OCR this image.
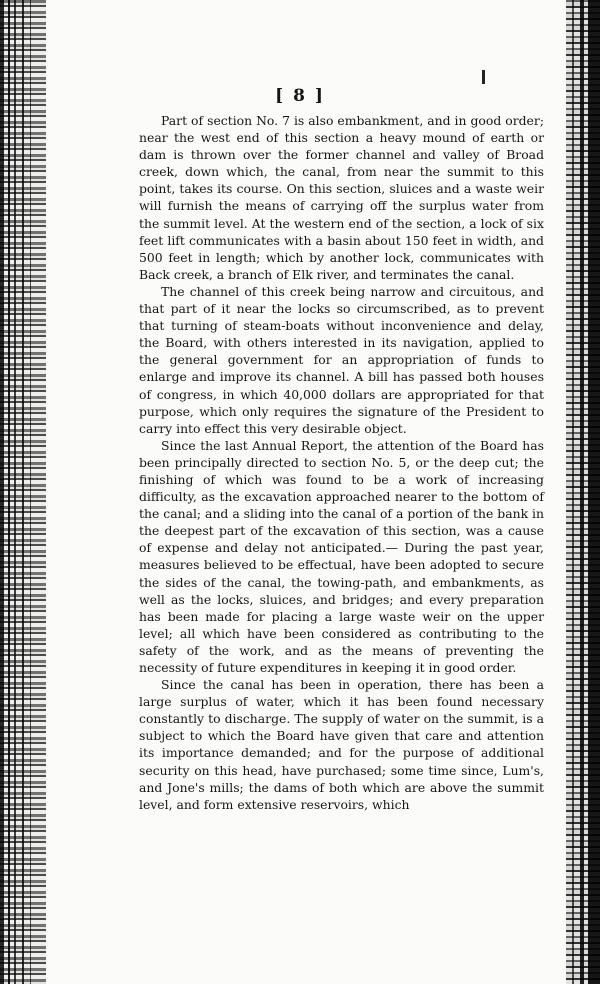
[ 8 ]

Part of section No. 7 is also embankment, and in good order; near the west end of this section a heavy mound of earth or dam is thrown over the former channel and valley of Broad creek, down which, the canal, from near the summit to this point, takes its course. On this section, sluices and a waste weir will furnish the means of carrying off the surplus water from the summit level. At the western end of the section, a lock of six feet lift communicates with a basin about 150 feet in width, and 500 feet in length; which by another lock, communicates with Back creek, a branch of Elk river, and terminates the canal.

The channel of this creek being narrow and circuitous, and that part of it near the locks so circumscribed, as to prevent that turning of steam-boats without inconvenience and delay, the Board, with others interested in its navigation, applied to the general government for an appropriation of funds to enlarge and improve its channel. A bill has passed both houses of congress, in which 40,000 dollars are appropriated for that purpose, which only requires the signature of the President to carry into effect this very desirable object.

Since the last Annual Report, the attention of the Board has been principally directed to section No. 5, or the deep cut; the finishing of which was found to be a work of increasing difficulty, as the excavation approached nearer to the bottom of the canal; and a sliding into the canal of a portion of the bank in the deepest part of the excavation of this section, was a cause of expense and delay not anticipated.— During the past year, measures believed to be effectual, have been adopted to secure the sides of the canal, the towing-path, and embankments, as well as the locks, sluices, and bridges; and every preparation has been made for placing a large waste weir on the upper level; all which have been considered as contributing to the safety of the work, and as the means of preventing the necessity of future expenditures in keeping it in good order.

Since the canal has been in operation, there has been a large surplus of water, which it has been found necessary constantly to discharge. The supply of water on the summit, is a subject to which the Board have given that care and attention its importance demanded; and for the purpose of additional security on this head, have purchased; some time since, Lum's, and Jone's mills; the dams of both which are above the summit level, and form extensive reservoirs, which
